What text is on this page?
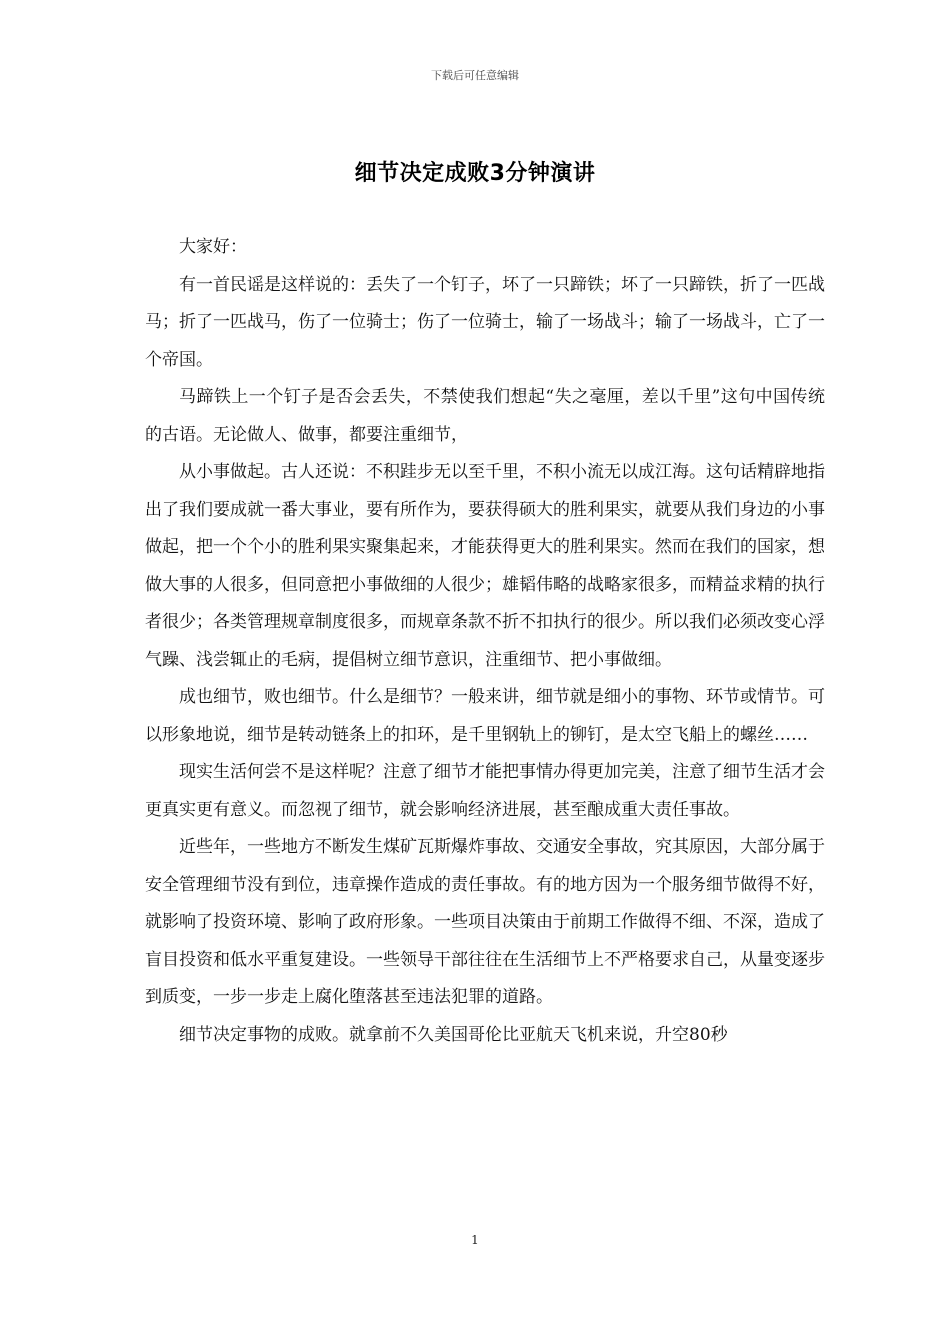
下载后可任意编辑
细节决定成败3分钟演讲

大家好：

有一首民谣是这样说的：丢失了一个钉子，坏了一只蹄铁；坏了一只蹄铁，折了一匹战马；折了一匹战马，伤了一位骑士；伤了一位骑士，输了一场战斗；输了一场战斗，亡了一个帝国。

马蹄铁上一个钉子是否会丢失，不禁使我们想起“失之毫厘，差以千里”这句中国传统的古语。无论做人、做事，都要注重细节，

从小事做起。古人还说：不积跬步无以至千里，不积小流无以成江海。这句话精辟地指出了我们要成就一番大事业，要有所作为，要获得硕大的胜利果实，就要从我们身边的小事做起，把一个个小的胜利果实聚集起来，才能获得更大的胜利果实。然而在我们的国家，想做大事的人很多，但同意把小事做细的人很少；雄韬伟略的战略家很多，而精益求精的执行者很少；各类管理规章制度很多，而规章条款不折不扣执行的很少。所以我们必须改变心浮气躁、浅尝辄止的毛病，提倡树立细节意识，注重细节、把小事做细。

成也细节，败也细节。什么是细节？一般来讲，细节就是细小的事物、环节或情节。可以形象地说，细节是转动链条上的扣环，是千里钢轨上的铆钉，是太空飞船上的螺丝……

现实生活何尝不是这样呢？注意了细节才能把事情办得更加完美，注意了细节生活才会更真实更有意义。而忽视了细节，就会影响经济进展，甚至酿成重大责任事故。

近些年，一些地方不断发生煤矿瓦斯爆炸事故、交通安全事故，究其原因，大部分属于安全管理细节没有到位，违章操作造成的责任事故。有的地方因为一个服务细节做得不好，就影响了投资环境、影响了政府形象。一些项目决策由于前期工作做得不细、不深，造成了盲目投资和低水平重复建设。一些领导干部往往在生活细节上不严格要求自己，从量变逐步到质变，一步一步走上腐化堕落甚至违法犯罪的道路。

细节决定事物的成败。就拿前不久美国哥伦比亚航天飞机来说，升空80秒

1
